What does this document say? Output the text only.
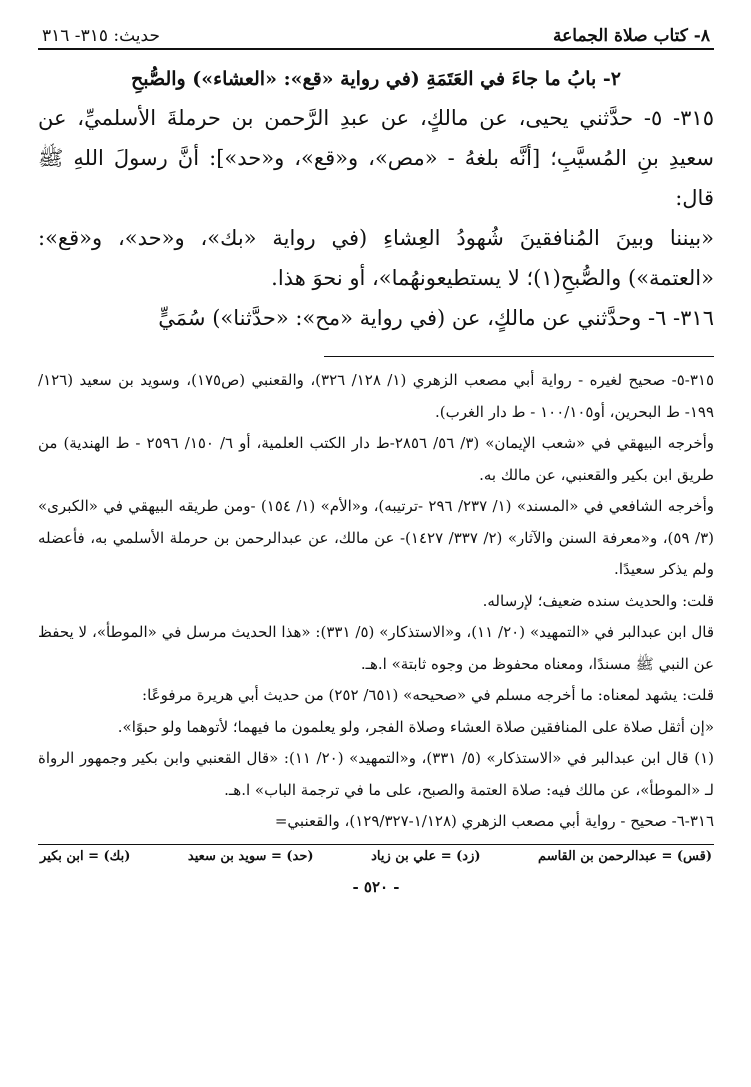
٨- كتاب صلاة الجماعة
حديث: ٣١٥- ٣١٦
٢- بابُ ما جاءَ في العَتَمَةِ (في رواية «قع»: «العشاء») والصُّبحِ

٣١٥- ٥- حدَّثني يحيى، عن مالكٍ، عن عبدِ الرَّحمن بن حرملةَ الأسلميِّ، عن سعيدِ بنِ المُسيَّبِ؛ [أنَّه بلغهُ - «مص»، و«قع»، و«حد»]: أنَّ رسولَ اللهِ ﷺ قال:

«بيننا وبينَ المُنافقينَ شُهودُ العِشاءِ (في رواية «بك»، و«حد»، و«قع»: «العتمة») والصُّبحِ(١)؛ لا يستطيعونهُما»، أو نحوَ هذا.

٣١٦- ٦- وحدَّثني عن مالكٍ، عن (في رواية «مح»: «حدَّثنا») سُمَيٍّ

٣١٥-٥- صحيح لغيره - رواية أبي مصعب الزهري (١/ ١٢٨/ ٣٢٦)، والقعنبي (ص١٧٥)، وسويد بن سعيد (١٢٦/ ١٩٩- ط البحرين، أو١٠٠/١٠٥ - ط دار الغرب).

وأخرجه البيهقي في «شعب الإيمان» (٣/ ٥٦/ ٢٨٥٦-ط دار الكتب العلمية، أو ٦/ ١٥٠/ ٢٥٩٦ - ط الهندية) من طريق ابن بكير والقعنبي، عن مالك به.

وأخرجه الشافعي في «المسند» (١/ ٢٣٧/ ٢٩٦ -ترتيبه)، و«الأم» (١/ ١٥٤) -ومن طريقه البيهقي في «الكبرى» (٣/ ٥٩)، و«معرفة السنن والآثار» (٢/ ٣٣٧/ ١٤٢٧)- عن مالك، عن عبدالرحمن بن حرملة الأسلمي به، فأعضله ولم يذكر سعيدًا.

قلت: والحديث سنده ضعيف؛ لإرساله.

قال ابن عبدالبر في «التمهيد» (٢٠/ ١١)، و«الاستذكار» (٥/ ٣٣١): «هذا الحديث مرسل في «الموطأ»، لا يحفظ عن النبي ﷺ مسندًا، ومعناه محفوظ من وجوه ثابتة» ا.هـ.

قلت: يشهد لمعناه: ما أخرجه مسلم في «صحيحه» (٦٥١/ ٢٥٢) من حديث أبي هريرة مرفوعًا:

«إن أثقل صلاة على المنافقين صلاة العشاء وصلاة الفجر، ولو يعلمون ما فيهما؛ لأتوهما ولو حبوًا».

(١) قال ابن عبدالبر في «الاستذكار» (٥/ ٣٣١)، و«التمهيد» (٢٠/ ١١): «قال القعنبي وابن بكير وجمهور الرواة لـ «الموطأ»، عن مالك فيه: صلاة العتمة والصبح، على ما في ترجمة الباب» ا.هـ.

٣١٦-٦- صحيح - رواية أبي مصعب الزهري (١/١٢٨-١٢٩/٣٢٧)، والقعنبي=

(قس) = عبدالرحمن بن القاسم
(زد) = علي بن زياد
(حد) = سويد بن سعيد
(بك) = ابن بكير
- ٥٢٠ -
